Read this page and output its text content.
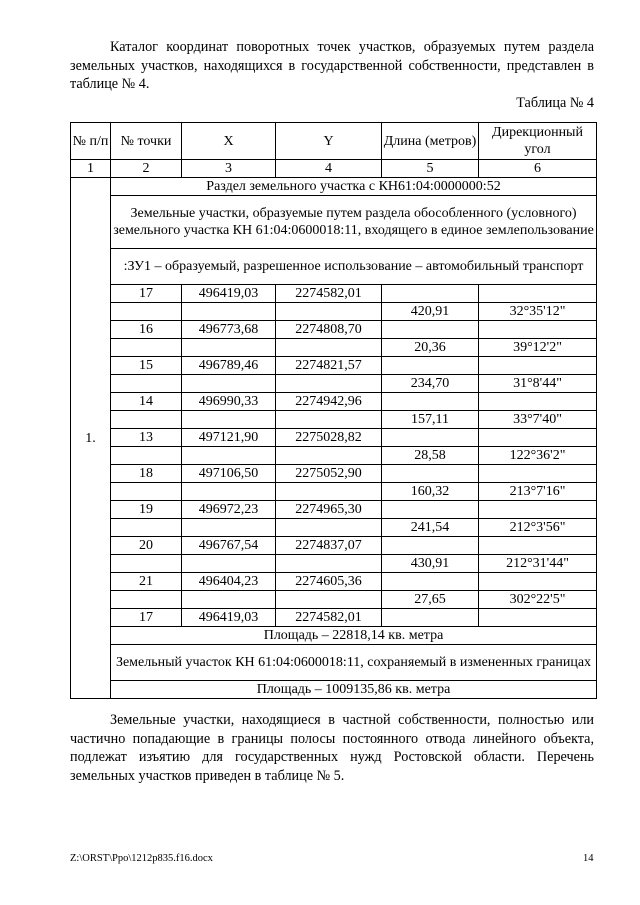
Каталог координат поворотных точек участков, образуемых путем раздела земельных участков, находящихся в государственной собственности, представлен в таблице № 4.

Таблица № 4
№ п/п	№ точки	X	Y	Длина (метров)	Дирекционный угол
1	2	3	4	5	6
1.	Раздел земельного участка с КН61:04:0000000:52				
	Земельные участки, образуемые путем раздела обособленного (условного) земельного участка КН 61:04:0600018:11, входящего в единое землепользование				
	:ЗУ1 – образуемый, разрешенное использование – автомобильный транспорт				
	17	496419,03	2274582,01		
				420,91	32°35'12"
	16	496773,68	2274808,70		
				20,36	39°12'2"
	15	496789,46	2274821,57		
				234,70	31°8'44"
	14	496990,33	2274942,96		
				157,11	33°7'40"
	13	497121,90	2275028,82		
				28,58	122°36'2"
	18	497106,50	2275052,90		
				160,32	213°7'16"
	19	496972,23	2274965,30		
				241,54	212°3'56"
	20	496767,54	2274837,07		
				430,91	212°31'44"
	21	496404,23	2274605,36		
				27,65	302°22'5"
	17	496419,03	2274582,01		
	Площадь – 22818,14 кв. метра				
	Земельный участок КН 61:04:0600018:11, сохраняемый в измененных границах				
	Площадь – 1009135,86 кв. метра				

Земельные участки, находящиеся в частной собственности, полностью или частично попадающие в границы полосы постоянного отвода линейного объекта, подлежат изъятию для государственных нужд Ростовской области. Перечень земельных участков приведен в таблице № 5.

Z:\ORST\Ppo\1212p835.f16.docx	14
